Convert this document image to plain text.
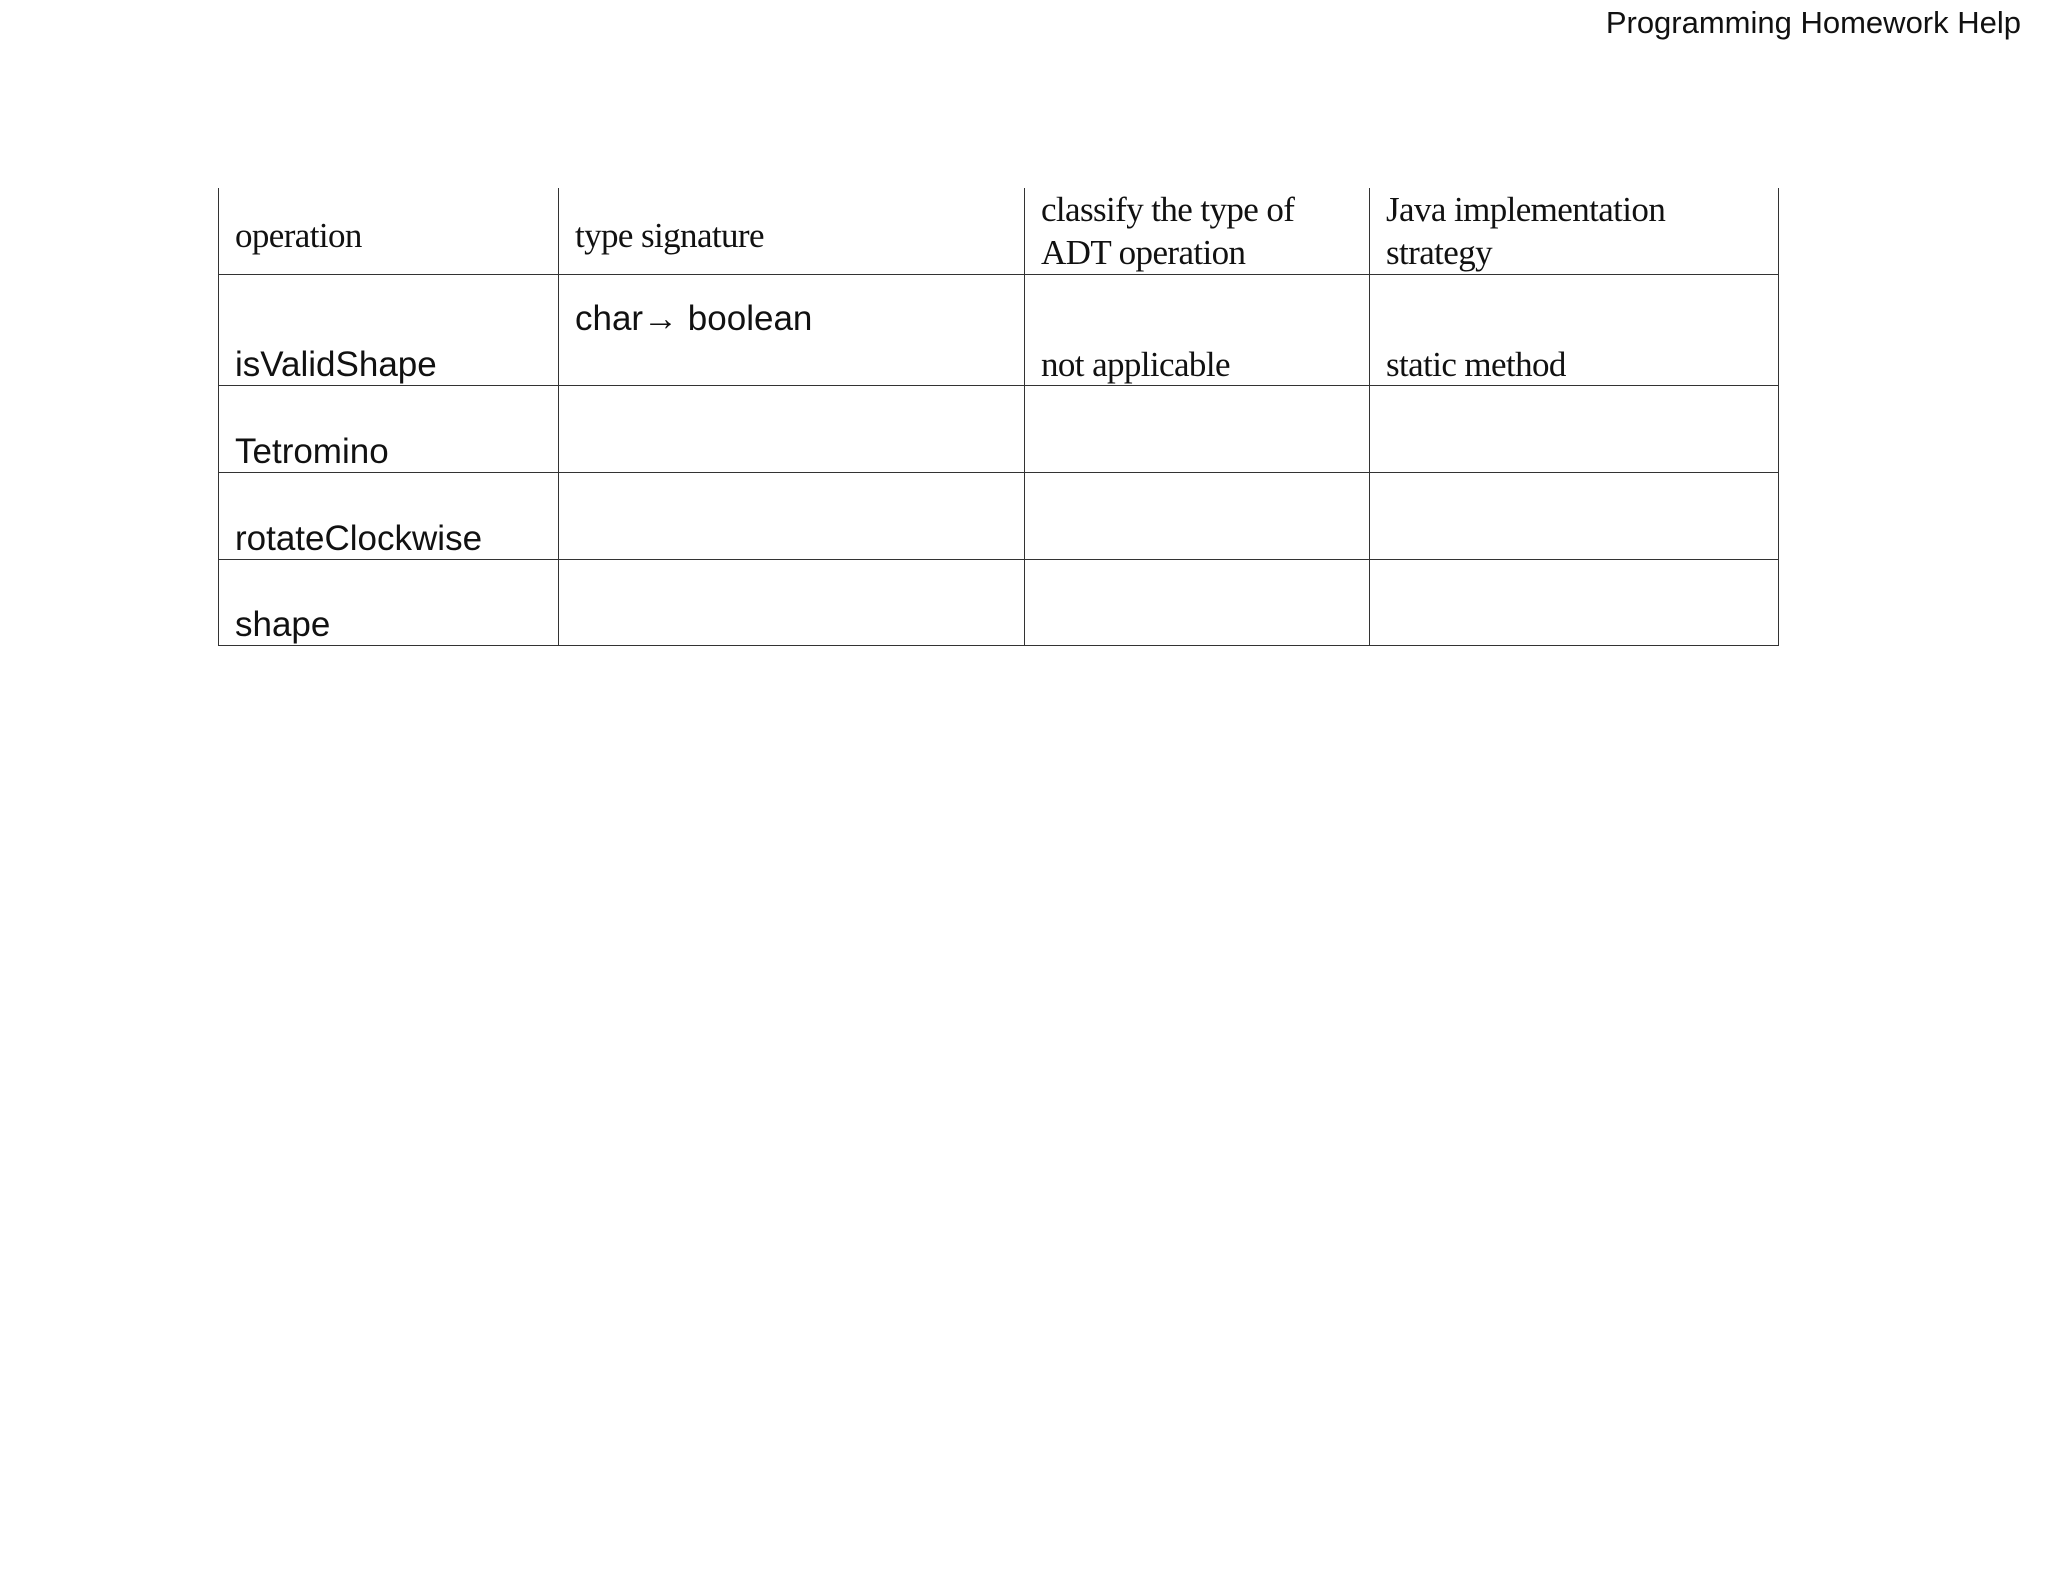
Programming Homework Help
operation	type signature	classify the type of ADT operation	Java implementation strategy
isValidShape	char→ boolean	not applicable	static method
Tetromino			
rotateClockwise			
shape			
